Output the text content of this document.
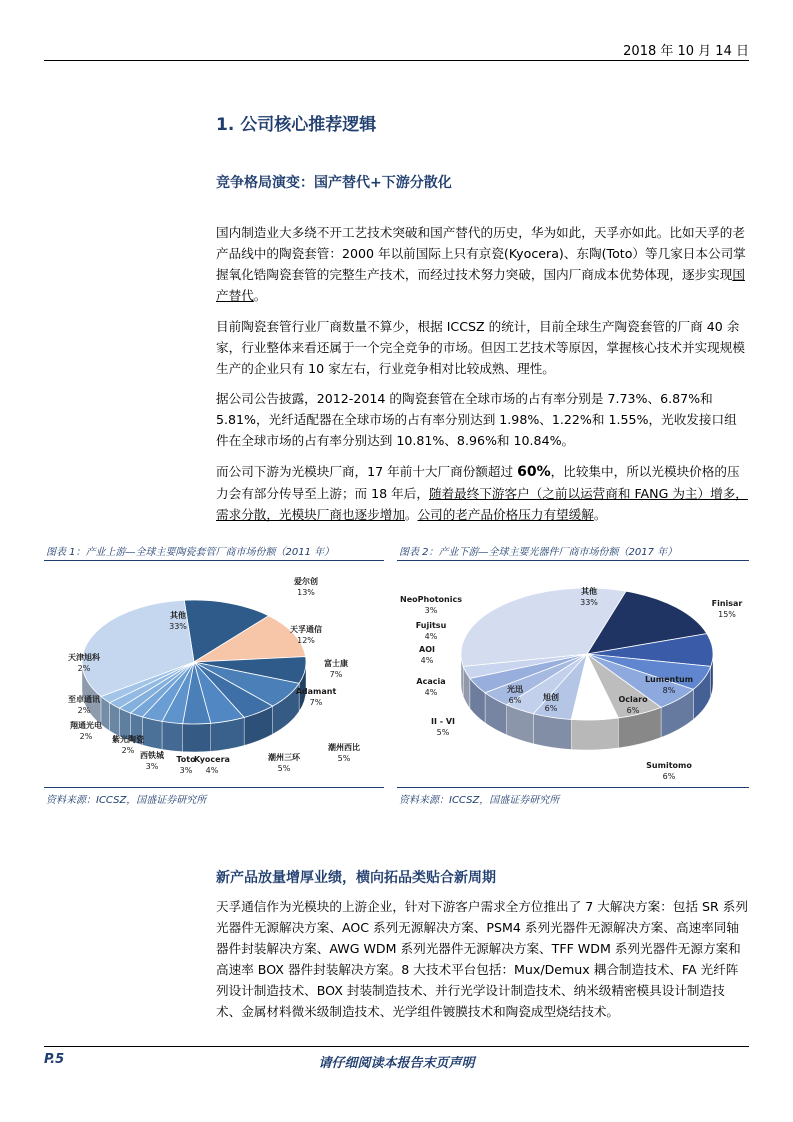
2018 年 10 月 14 日
1. 公司核心推荐逻辑
竞争格局演变：国产替代+下游分散化

国内制造业大多绕不开工艺技术突破和国产替代的历史，华为如此，天孚亦如此。比如天孚的老产品线中的陶瓷套管：2000 年以前国际上只有京瓷(Kyocera)、东陶(Toto）等几家日本公司掌握氧化锆陶瓷套管的完整生产技术，而经过技术努力突破，国内厂商成本优势体现，逐步实现国产替代。

目前陶瓷套管行业厂商数量不算少，根据 ICCSZ 的统计，目前全球生产陶瓷套管的厂商 40 余家，行业整体来看还属于一个完全竞争的市场。但因工艺技术等原因，掌握核心技术并实现规模生产的企业只有 10 家左右，行业竞争相对比较成熟、理性。

据公司公告披露，2012-2014 的陶瓷套管在全球市场的占有率分别是 7.73%、6.87%和 5.81%，光纤适配器在全球市场的占有率分别达到 1.98%、1.22%和 1.55%，光收发接口组件在全球市场的占有率分别达到 10.81%、8.96%和 10.84%。

而公司下游为光模块厂商，17 年前十大厂商份额超过 60%，比较集中，所以光模块价格的压力会有部分传导至上游；而 18 年后，随着最终下游客户（之前以运营商和 FANG 为主）增多，需求分散，光模块厂商也逐步增加。公司的老产品价格压力有望缓解。

图表 1：产业上游—全球主要陶瓷套管厂商市场份额（2011 年）
资料来源：ICCSZ，国盛证券研究所
爱尔创
13%
天孚通信
12%
富士康
7%
Adamant
7%
潮州西比
5%
潮州三环
5%
Kyocera
4%
Toto
3%
西铁城
3%
紫光陶瓷
2%
翔通光电
2%
至卓通讯
2%
天津旭科
2%
其他
33%
图表 2：产业下游—全球主要光器件厂商市场份额（2017 年）
资料来源：ICCSZ，国盛证券研究所
Finisar
15%
Lumentum
8%
Oclaro
6%
Sumitomo
6%
旭创
6%
光迅
6%
II - VI
5%
Acacia
4%
AOI
4%
Fujitsu
4%
NeoPhotonics
3%
其他
33%
新产品放量增厚业绩，横向拓品类贴合新周期

天孚通信作为光模块的上游企业，针对下游客户需求全方位推出了 7 大解决方案：包括 SR 系列光器件无源解决方案、AOC 系列无源解决方案、PSM4 系列光器件无源解决方案、高速率同轴器件封装解决方案、AWG WDM 系列光器件无源解决方案、TFF WDM 系列光器件无源方案和高速率 BOX 器件封装解决方案。8 大技术平台包括：Mux/Demux 耦合制造技术、FA 光纤阵列设计制造技术、BOX 封装制造技术、并行光学设计制造技术、纳米级精密模具设计制造技术、金属材料微米级制造技术、光学组件镀膜技术和陶瓷成型烧结技术。

P.5	请仔细阅读本报告末页声明
